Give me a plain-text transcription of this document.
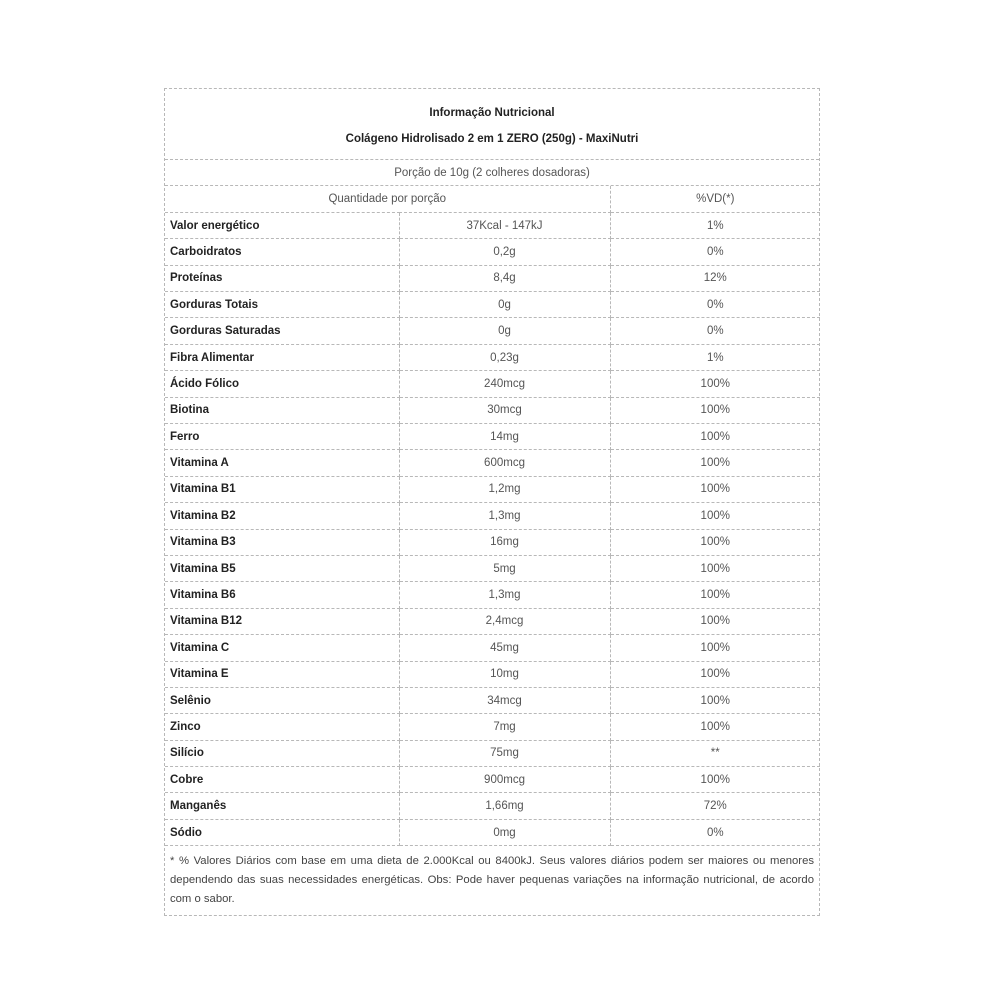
Informação Nutricional
Colágeno Hidrolisado 2 em 1 ZERO (250g) - MaxiNutri
Porção de 10g (2 colheres dosadoras)
Quantidade por porção		%VD(*)
Valor energético	37Kcal - 147kJ	1%
Carboidratos	0,2g	0%
Proteínas	8,4g	12%
Gorduras Totais	0g	0%
Gorduras Saturadas	0g	0%
Fibra Alimentar	0,23g	1%
Ácido Fólico	240mcg	100%
Biotina	30mcg	100%
Ferro	14mg	100%
Vitamina A	600mcg	100%
Vitamina B1	1,2mg	100%
Vitamina B2	1,3mg	100%
Vitamina B3	16mg	100%
Vitamina B5	5mg	100%
Vitamina B6	1,3mg	100%
Vitamina B12	2,4mcg	100%
Vitamina C	45mg	100%
Vitamina E	10mg	100%
Selênio	34mcg	100%
Zinco	7mg	100%
Silício	75mg	**
Cobre	900mcg	100%
Manganês	1,66mg	72%
Sódio	0mg	0%
* % Valores Diários com base em uma dieta de 2.000Kcal ou 8400kJ. Seus valores diários podem ser maiores ou menores dependendo das suas necessidades energéticas. Obs: Pode haver pequenas variações na informação nutricional, de acordo com o sabor.
